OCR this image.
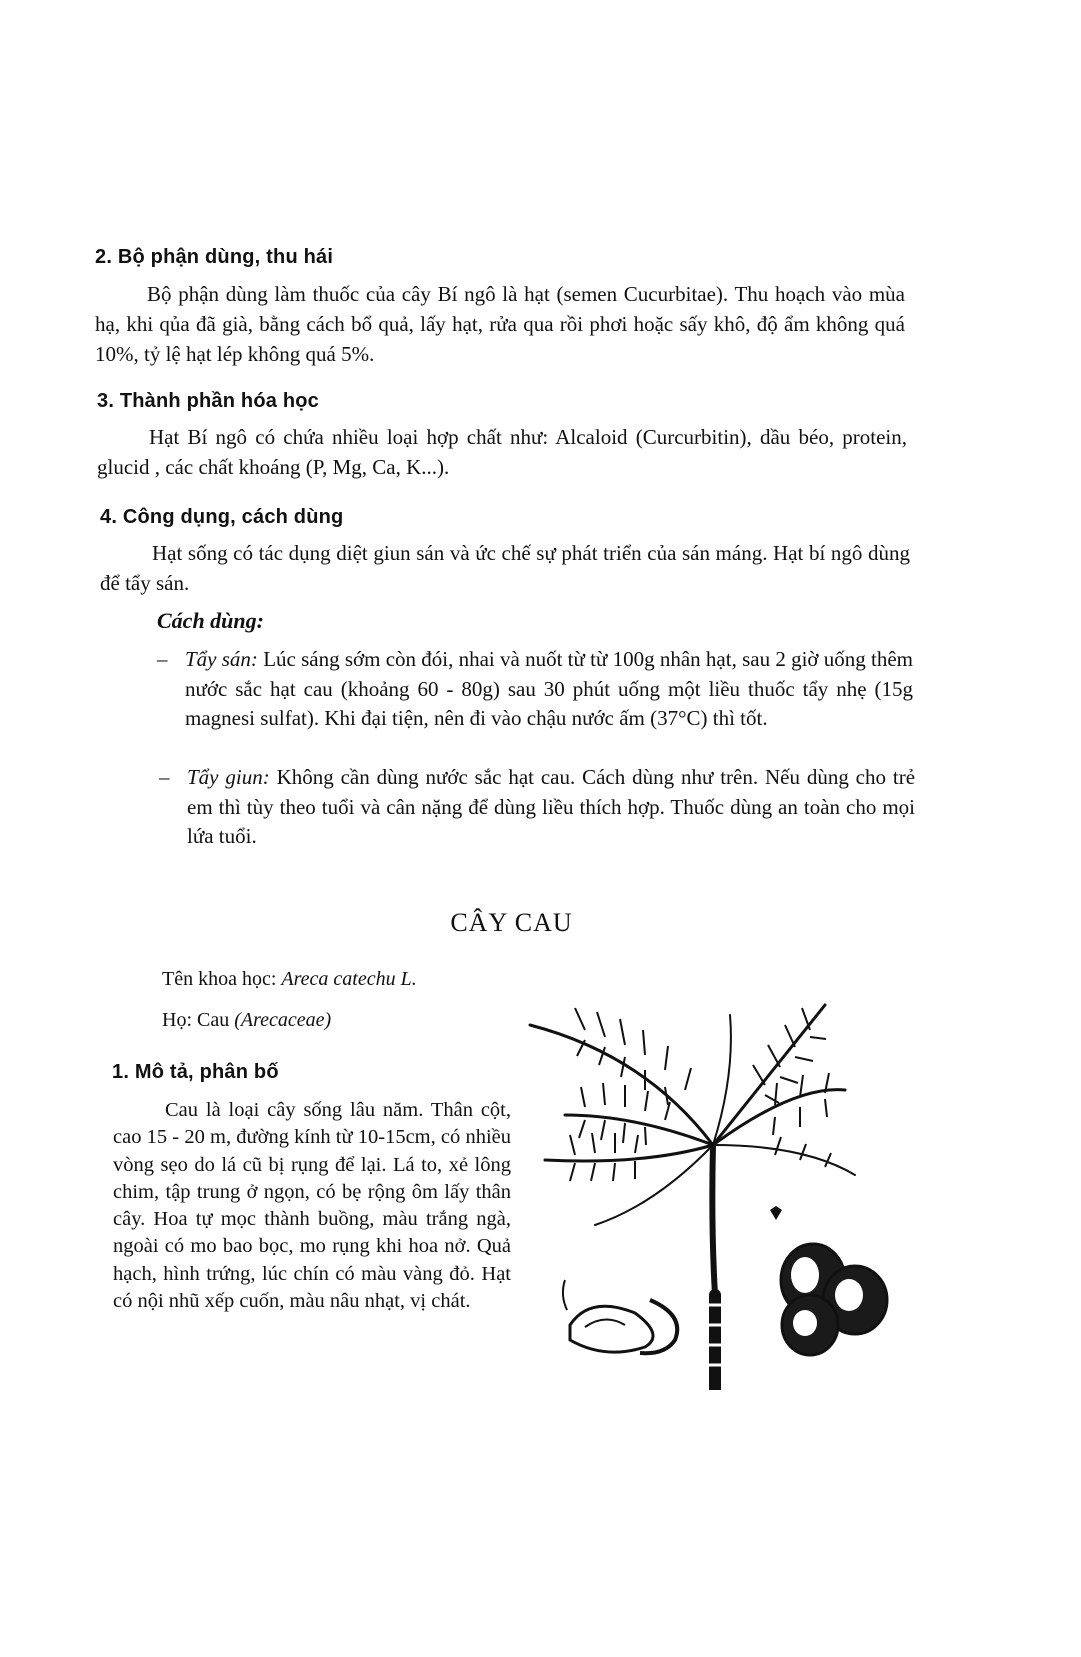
2. Bộ phận dùng, thu hái
Bộ phận dùng làm thuốc của cây Bí ngô là hạt (semen Cucurbitae). Thu hoạch vào mùa hạ, khi qủa đã già, bằng cách bổ quả, lấy hạt, rửa qua rồi phơi hoặc sấy khô, độ ẩm không quá 10%, tỷ lệ hạt lép không quá 5%.
3. Thành phần hóa học
Hạt Bí ngô có chứa nhiều loại hợp chất như: Alcaloid (Curcurbitin), dầu béo, protein, glucid , các chất khoáng (P, Mg, Ca, K...).
4. Công dụng, cách dùng
Hạt sống có tác dụng diệt giun sán và ức chế sự phát triển của sán máng. Hạt bí ngô dùng để tẩy sán.
Cách dùng:
– Tẩy sán: Lúc sáng sớm còn đói, nhai và nuốt từ từ 100g nhân hạt, sau 2 giờ uống thêm nước sắc hạt cau (khoảng 60 - 80g) sau 30 phút uống một liều thuốc tẩy nhẹ (15g magnesi sulfat). Khi đại tiện, nên đi vào chậu nước ấm (37°C) thì tốt.
– Tẩy giun: Không cần dùng nước sắc hạt cau. Cách dùng như trên. Nếu dùng cho trẻ em thì tùy theo tuổi và cân nặng để dùng liều thích hợp. Thuốc dùng an toàn cho mọi lứa tuổi.
CÂY CAU
Tên khoa học: Areca catechu L.
Họ: Cau (Arecaceae)
1. Mô tả, phân bố
Cau là loại cây sống lâu năm. Thân cột, cao 15 - 20 m, đường kính từ 10-15cm, có nhiều vòng sẹo do lá cũ bị rụng để lại. Lá to, xẻ lông chim, tập trung ở ngọn, có bẹ rộng ôm lấy thân cây. Hoa tự mọc thành buồng, màu trắng ngà, ngoài có mo bao bọc, mo rụng khi hoa nở. Quả hạch, hình trứng, lúc chín có màu vàng đỏ. Hạt có nội nhũ xếp cuốn, màu nâu nhạt, vị chát.
